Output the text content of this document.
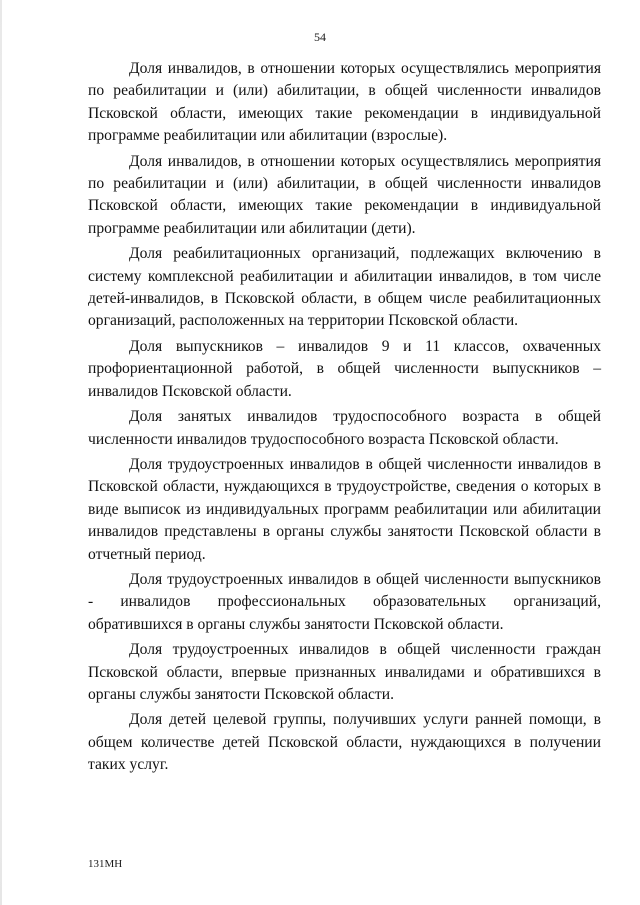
54

Доля инвалидов, в отношении которых осуществлялись мероприятия по реабилитации и (или) абилитации, в общей численности инвалидов Псковской области, имеющих такие рекомендации в индивидуальной программе реабилитации или абилитации (взрослые).

Доля инвалидов, в отношении которых осуществлялись мероприятия по реабилитации и (или) абилитации, в общей численности инвалидов Псковской области, имеющих такие рекомендации в индивидуальной программе реабилитации или абилитации (дети).

Доля реабилитационных организаций, подлежащих включению в систему комплексной реабилитации и абилитации инвалидов, в том числе детей-инвалидов, в Псковской области, в общем числе реабилитационных организаций, расположенных на территории Псковской области.

Доля выпускников – инвалидов 9 и 11 классов, охваченных профориентационной работой, в общей численности выпускников – инвалидов Псковской области.

Доля занятых инвалидов трудоспособного возраста в общей численности инвалидов трудоспособного возраста Псковской области.

Доля трудоустроенных инвалидов в общей численности инвалидов в Псковской области, нуждающихся в трудоустройстве, сведения о которых в виде выписок из индивидуальных программ реабилитации или абилитации инвалидов представлены в органы службы занятости Псковской области в отчетный период.

Доля трудоустроенных инвалидов в общей численности выпускников - инвалидов профессиональных образовательных организаций, обратившихся в органы службы занятости Псковской области.

Доля трудоустроенных инвалидов в общей численности граждан Псковской области, впервые признанных инвалидами и обратившихся в органы службы занятости Псковской области.

Доля детей целевой группы, получивших услуги ранней помощи, в общем количестве детей Псковской области, нуждающихся в получении таких услуг.

131МН
